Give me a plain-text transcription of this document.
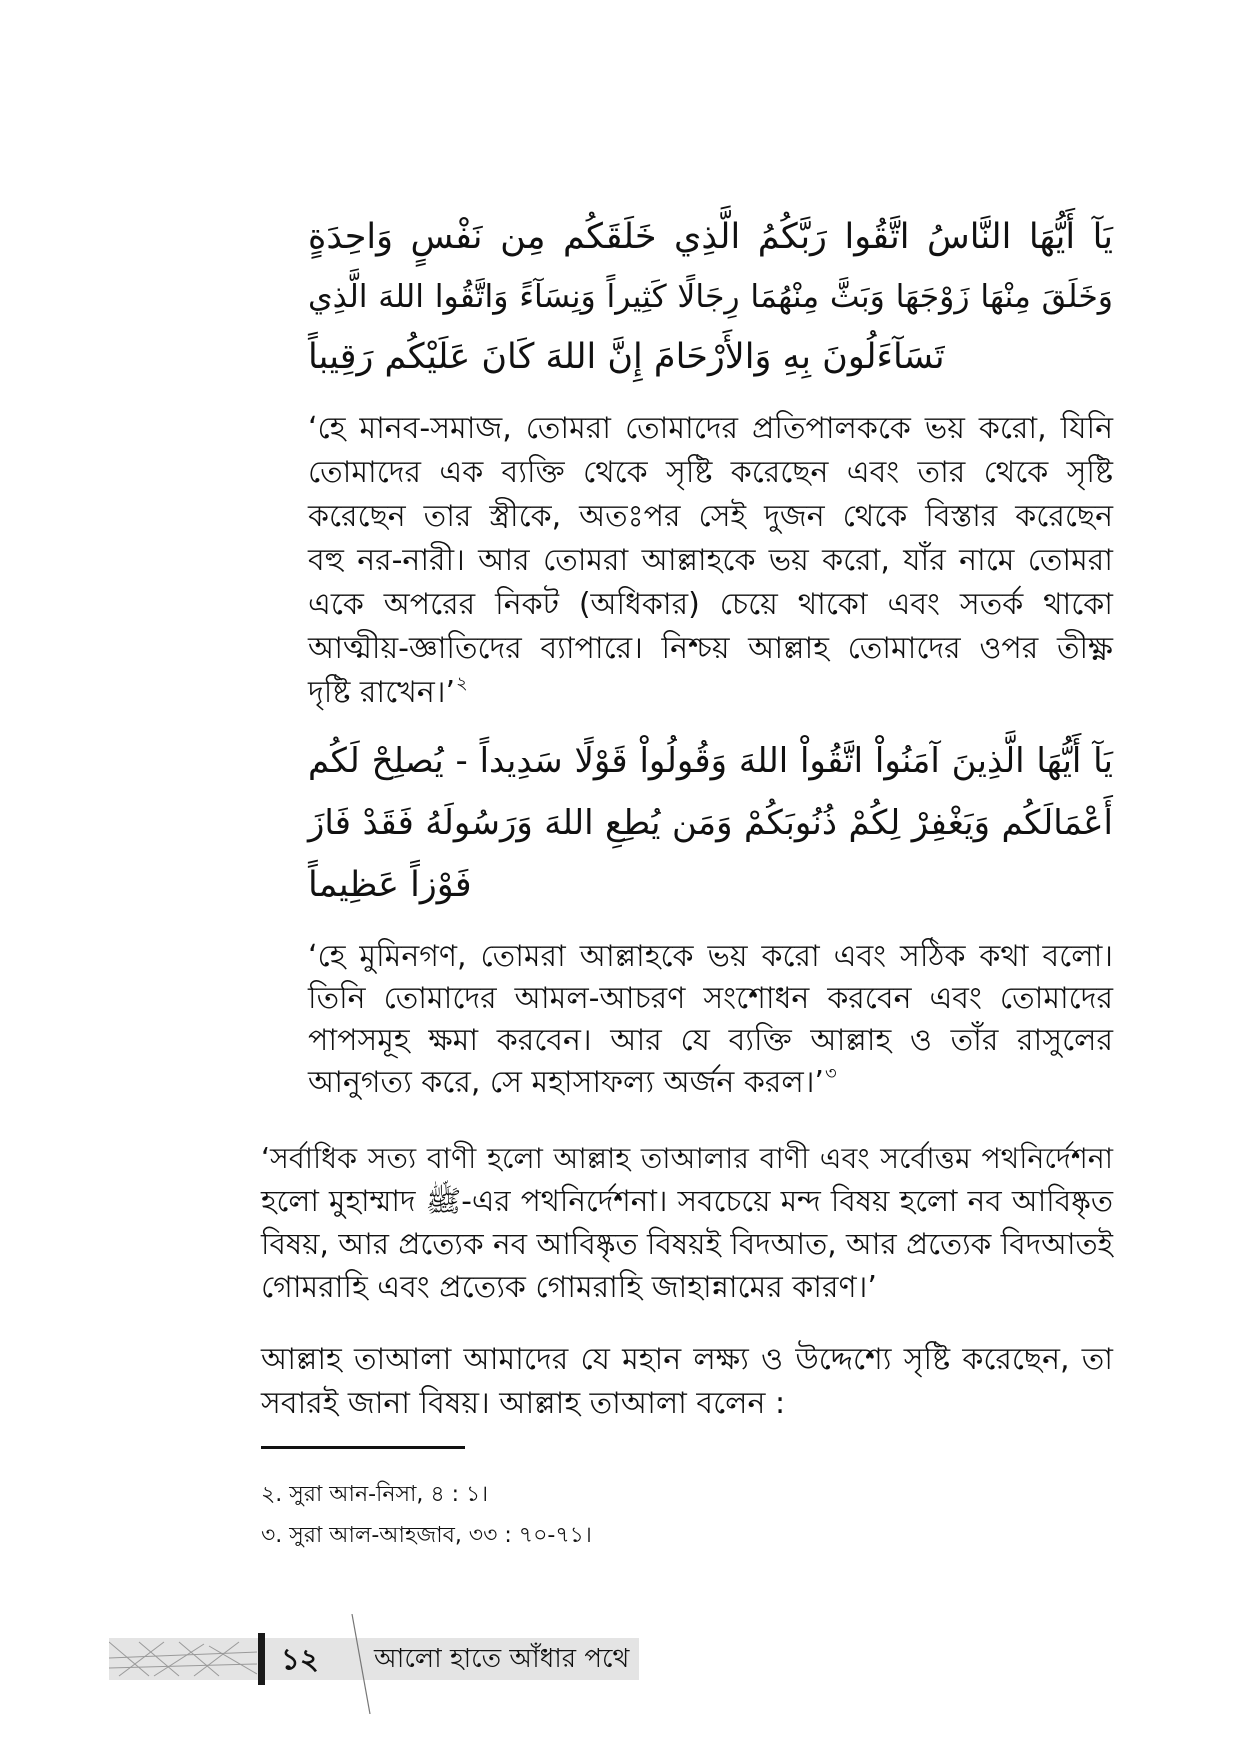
يَآ أَيُّهَا النَّاسُ اتَّقُوا رَبَّكُمُ الَّذِي خَلَقَكُم مِن نَفْسٍ وَاحِدَةٍ
وَخَلَقَ مِنْهَا زَوْجَهَا وَبَثَّ مِنْهُمَا رِجَالًا كَثِيراً وَنِسَآءً وَاتَّقُوا اللهَ الَّذِي
تَسَآءَلُونَ بِهِ وَالأَرْحَامَ إِنَّ اللهَ كَانَ عَلَيْكُم رَقِيباً
‘হে মানব-সমাজ, তোমরা তোমাদের প্রতিপালককে ভয় করো, যিনি
তোমাদের এক ব্যক্তি থেকে সৃষ্টি করেছেন এবং তার থেকে সৃষ্টি
করেছেন তার স্ত্রীকে, অতঃপর সেই দুজন থেকে বিস্তার করেছেন
বহু নর-নারী। আর তোমরা আল্লাহকে ভয় করো, যাঁর নামে তোমরা
একে অপরের নিকট (অধিকার) চেয়ে থাকো এবং সতর্ক থাকো
আত্মীয়-জ্ঞাতিদের ব্যাপারে। নিশ্চয় আল্লাহ তোমাদের ওপর তীক্ষ্ণ
দৃষ্টি রাখেন।’$^২$
يَآ أَيُّهَا الَّذِينَ آمَنُواْ اتَّقُواْ اللهَ وَقُولُواْ قَوْلًا سَدِيداً - يُصلِحْ لَكُم
أَعْمَالَكُم وَيَغْفِرْ لِكُمْ ذُنُوبَكُمْ وَمَن يُطِعِ اللهَ وَرَسُولَهُ فَقَدْ فَازَ
فَوْزاً عَظِيماً
‘হে মুমিনগণ, তোমরা আল্লাহকে ভয় করো এবং সঠিক কথা বলো।
তিনি তোমাদের আমল-আচরণ সংশোধন করবেন এবং তোমাদের
পাপসমূহ ক্ষমা করবেন। আর যে ব্যক্তি আল্লাহ ও তাঁর রাসুলের
আনুগত্য করে, সে মহাসাফল্য অর্জন করল।’$^৩$
‘সর্বাধিক সত্য বাণী হলো আল্লাহ তাআলার বাণী এবং সর্বোত্তম পথনির্দেশনা
হলো মুহাম্মাদ ﷺ-এর পথনির্দেশনা। সবচেয়ে মন্দ বিষয় হলো নব আবিষ্কৃত
বিষয়, আর প্রত্যেক নব আবিষ্কৃত বিষয়ই বিদআত, আর প্রত্যেক বিদআতই
গোমরাহি এবং প্রত্যেক গোমরাহি জাহান্নামের কারণ।’
আল্লাহ তাআলা আমাদের যে মহান লক্ষ্য ও উদ্দেশ্যে সৃষ্টি করেছেন, তা
সবারই জানা বিষয়। আল্লাহ তাআলা বলেন :
২. সুরা আন-নিসা, ৪ : ১।
৩. সুরা আল-আহজাব, ৩৩ : ৭০-৭১।
১২ আলো হাতে আঁধার পথে
